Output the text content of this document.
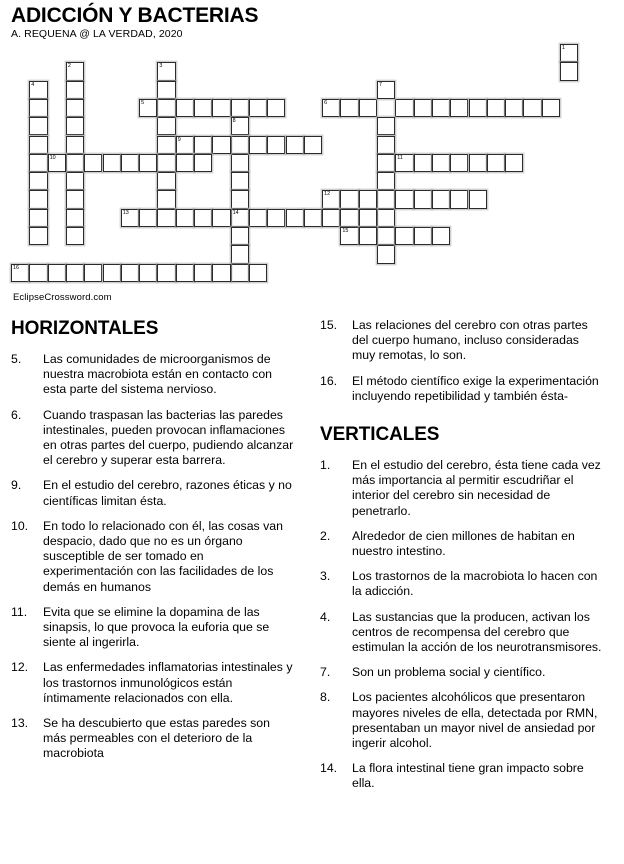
ADICCIÓN Y BACTERIAS
A. REQUENA @ LA VERDAD, 2020
1
2	3
4
5	6
7
8
14
9
10	11
12
13
15
16
EclipseCrossword.com
HORIZONTALES
5.	Las comunidades de microorganismos de nuestra macrobiota están en contacto con esta parte del sistema nervioso.
6.	Cuando traspasan las bacterias las paredes intestinales, pueden provocan inflamaciones en otras partes del cuerpo, pudiendo alcanzar el cerebro y superar esta barrera.
9.	En el estudio del cerebro, razones éticas y no científicas limitan ésta.
10.	En todo lo relacionado con él, las cosas van despacio, dado que no es un órgano susceptible de ser tomado en experimentación con las facilidades de los demás en humanos
11.	Evita que se elimine la dopamina de las sinapsis, lo que provoca la euforia que se siente al ingerirla.
12.	Las enfermedades inflamatorias intestinales y los trastornos inmunológicos están íntimamente relacionados con ella.
13.	Se ha descubierto que estas paredes son más permeables con el deterioro de la macrobiota
15.	Las relaciones del cerebro con otras partes del cuerpo humano, incluso consideradas muy remotas, lo son.
16.	El método científico exige la experimentación incluyendo repetibilidad y también ésta-
VERTICALES
1.	En el estudio del cerebro, ésta tiene cada vez más importancia al permitir escudriñar el interior del cerebro sin necesidad de penetrarlo.
2.	Alrededor de cien millones de habitan en nuestro intestino.
3.	Los trastornos de la macrobiota lo hacen con la adicción.
4.	Las sustancias que la producen, activan los centros de recompensa del cerebro que estimulan la acción de los neurotransmisores.
7.	Son un problema social y científico.
8.	Los pacientes alcohólicos que presentaron mayores niveles de ella, detectada por RMN, presentaban un mayor nivel de ansiedad por ingerir alcohol.
14.	La flora intestinal tiene gran impacto sobre ella.
